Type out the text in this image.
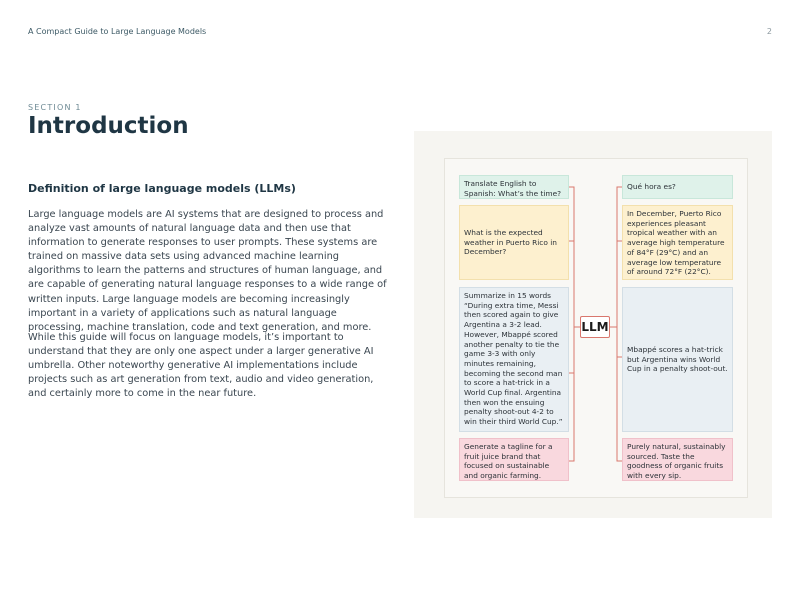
A Compact Guide to Large Language Models	2
SECTION 1
Introduction
Definition of large language models (LLMs)

Large language models are AI systems that are designed to process and analyze vast amounts of natural language data and then use that information to generate responses to user prompts. These systems are trained on massive data sets using advanced machine learning algorithms to learn the patterns and structures of human language, and are capable of generating natural language responses to a wide range of written inputs. Large language models are becoming increasingly important in a variety of applications such as natural language processing, machine translation, code and text generation, and more.

While this guide will focus on language models, it’s important to understand that they are only one aspect under a larger generative AI umbrella. Other noteworthy generative AI implementations include projects such as art generation from text, audio and video generation, and certainly more to come in the near future.

Translate English to Spanish: What’s the time?
What is the expected weather in Puerto Rico in December?
Summarize in 15 words “During extra time, Messi then scored again to give Argentina a 3-2 lead. However, Mbappé scored another penalty to tie the game 3-3 with only minutes remaining, becoming the second man to score a hat-trick in a World Cup final. Argentina then won the ensuing penalty shoot-out 4-2 to win their third World Cup.”
Generate a tagline for a fruit juice brand that focused on sustainable and organic farming.
LLM
Qué hora es?
In December, Puerto Rico experiences pleasant tropical weather with an average high temperature of 84°F (29°C) and an average low temperature of around 72°F (22°C).
Mbappé scores a hat-trick but Argentina wins World Cup in a penalty shoot-out.
Purely natural, sustainably sourced. Taste the goodness of organic fruits with every sip.
